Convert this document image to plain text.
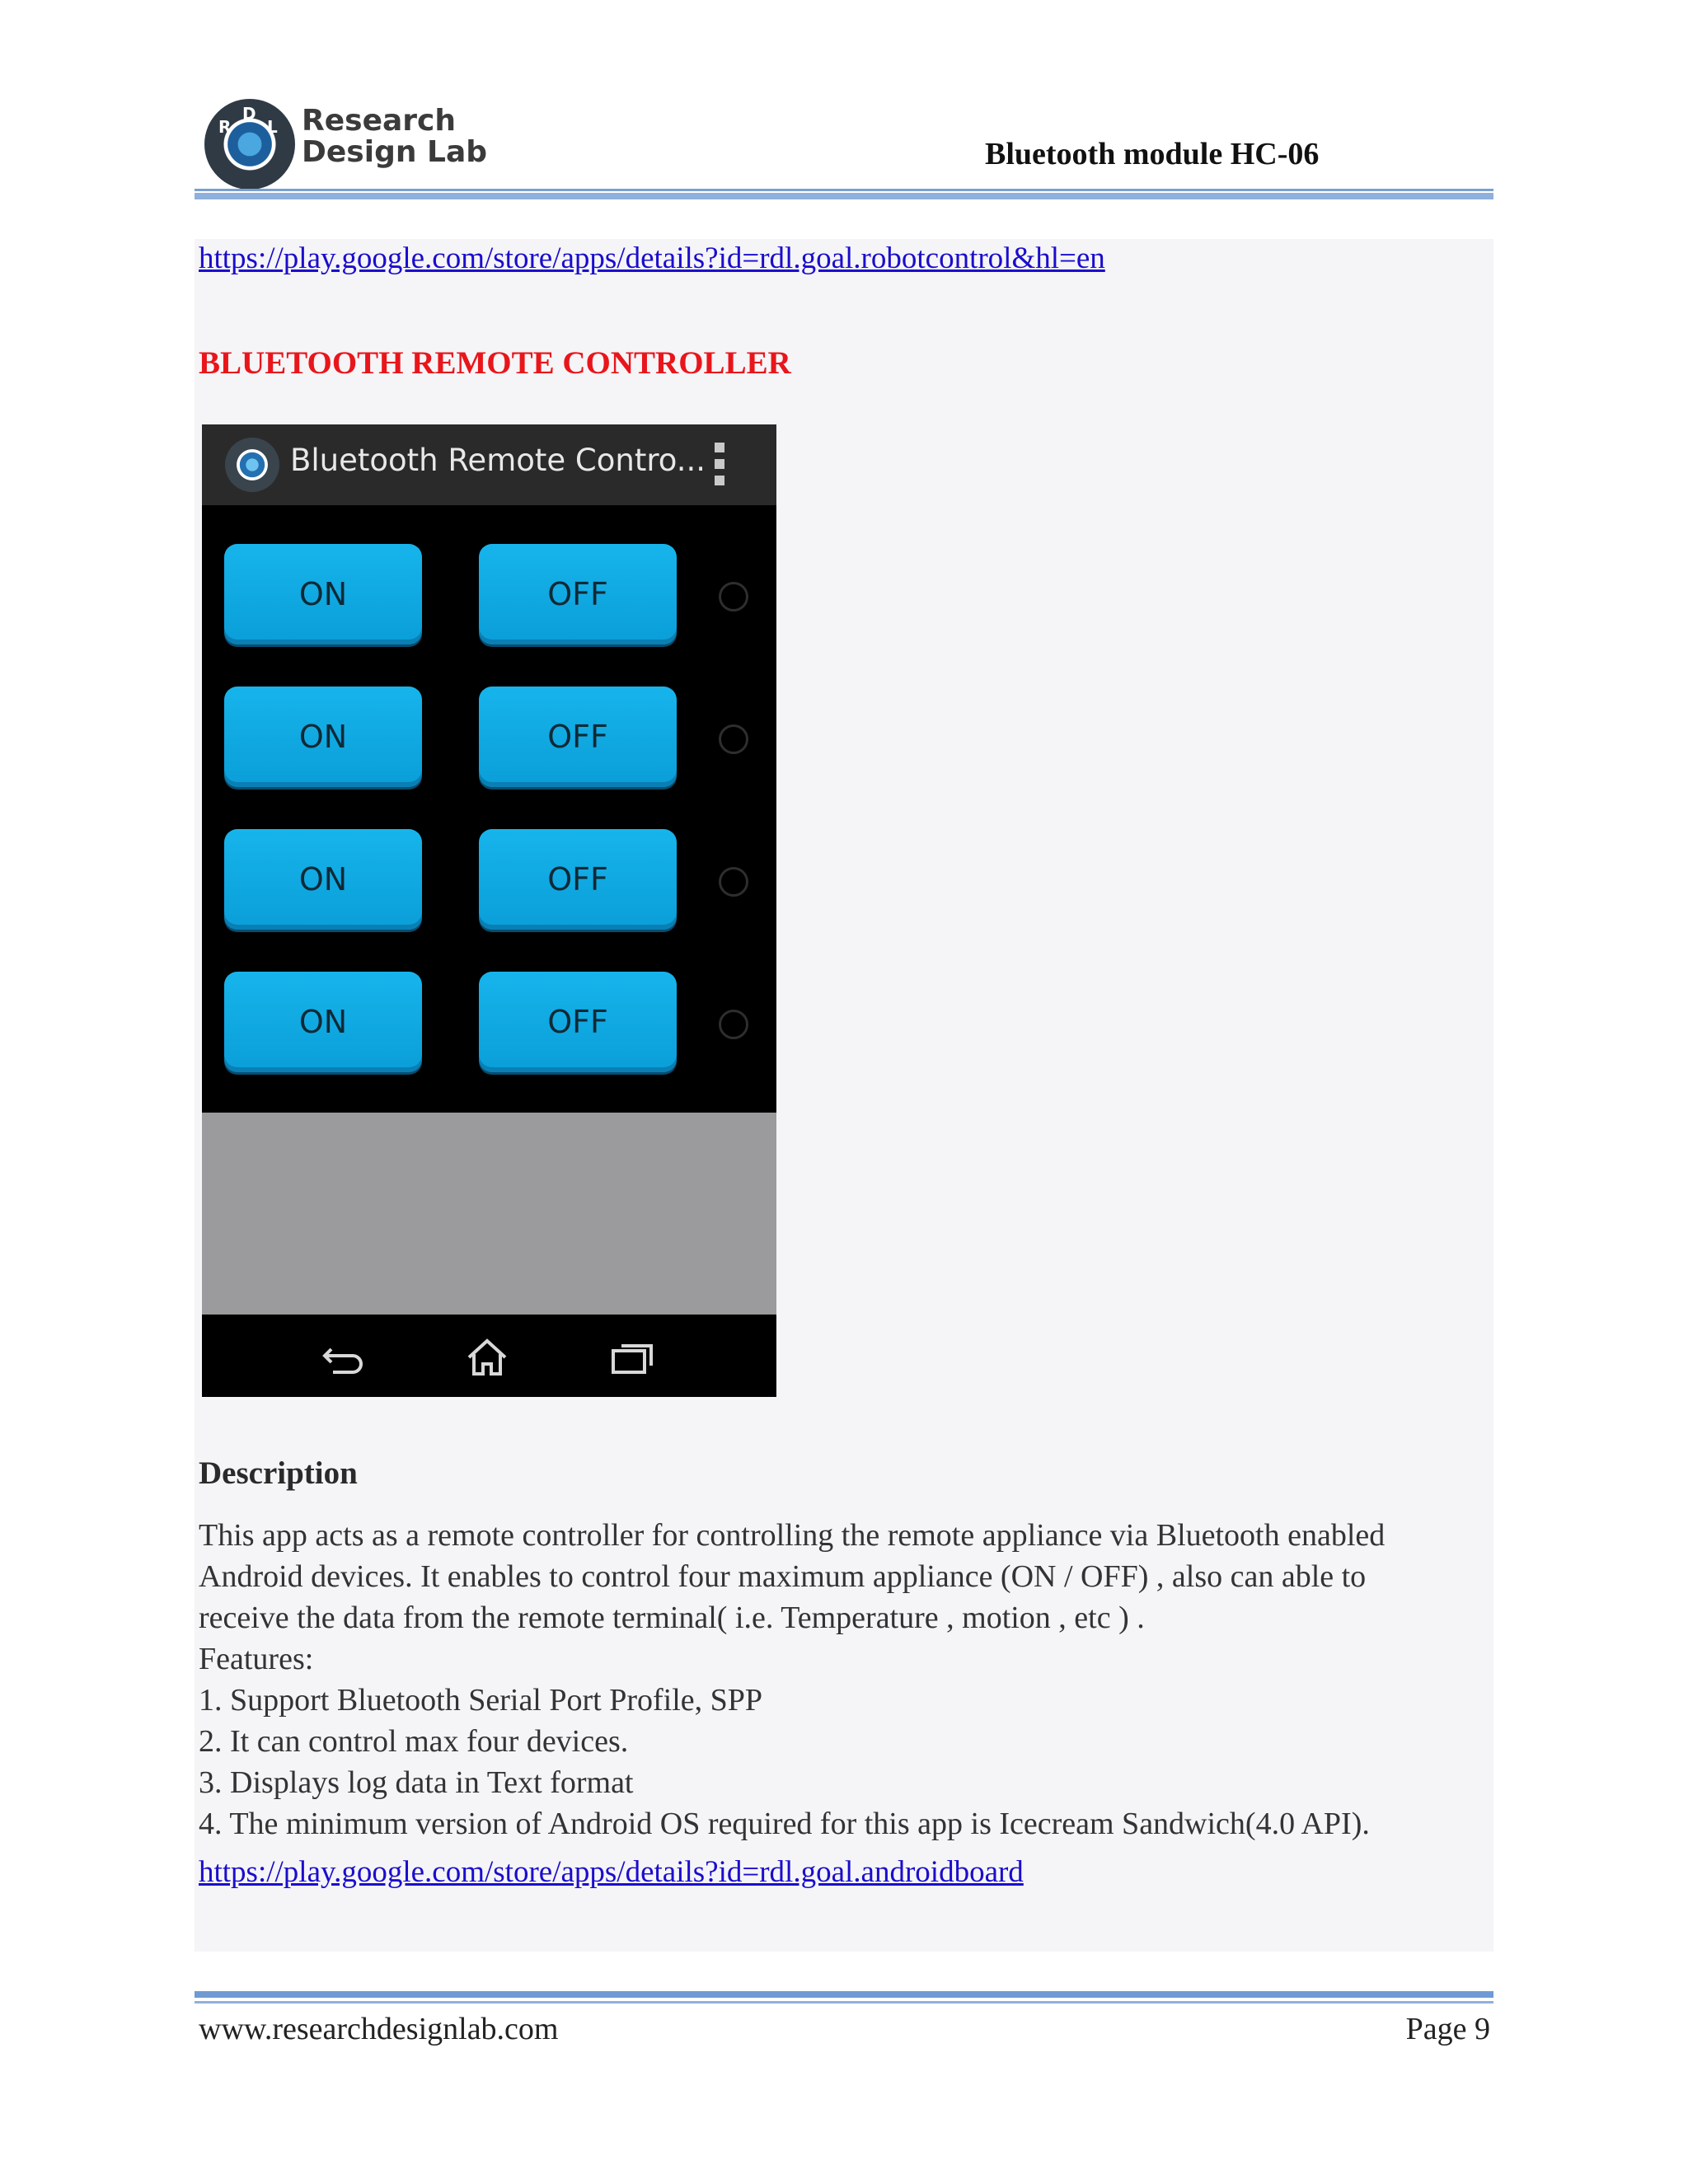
R
D
L Research
Design Lab	Bluetooth module HC-06
https://play.google.com/store/apps/details?id=rdl.goal.robotcontrol&hl=en
BLUETOOTH REMOTE CONTROLLER
Bluetooth Remote Contro...
ON	OFF
ON	OFF
ON	OFF
ON	OFF
Description
This app acts as a remote controller for controlling the remote appliance via Bluetooth enabled
Android devices. It enables to control four maximum appliance (ON / OFF) , also can able to
receive the data from the remote terminal( i.e. Temperature , motion , etc ) .
Features:
1. Support Bluetooth Serial Port Profile, SPP
2. It can control max four devices.
3. Displays log data in Text format
4. The minimum version of Android OS required for this app is Icecream Sandwich(4.0 API).
https://play.google.com/store/apps/details?id=rdl.goal.androidboard
www.researchdesignlab.com	Page 9
